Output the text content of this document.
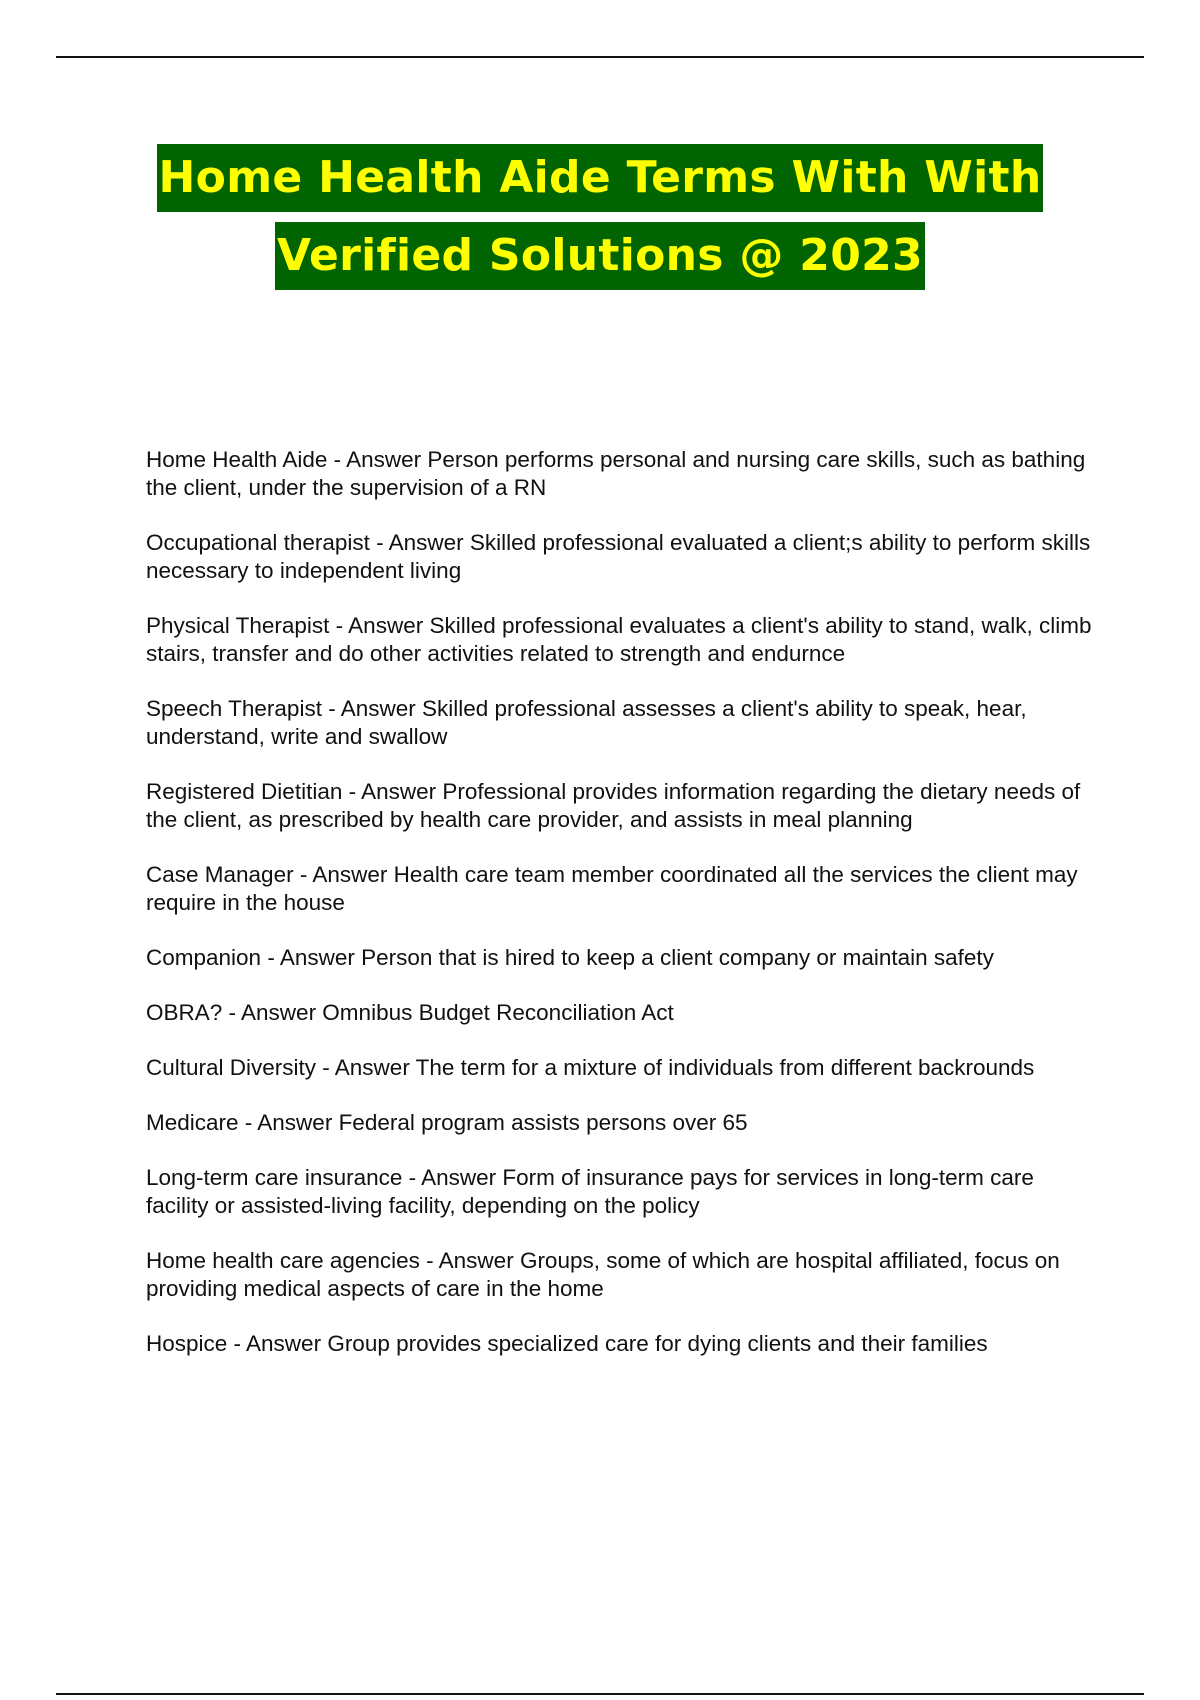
Home Health Aide Terms With With
Verified Solutions @ 2023
Home Health Aide - Answer Person performs personal and nursing care skills, such as bathing the client, under the supervision of a RN
Occupational therapist - Answer Skilled professional evaluated a client;s ability to perform skills necessary to independent living
Physical Therapist - Answer Skilled professional evaluates a client's ability to stand, walk, climb stairs, transfer and do other activities related to strength and endurnce
Speech Therapist - Answer Skilled professional assesses a client's ability to speak, hear, understand, write and swallow
Registered Dietitian - Answer Professional provides information regarding the dietary needs of the client, as prescribed by health care provider, and assists in meal planning
Case Manager - Answer Health care team member coordinated all the services the client may require in the house
Companion - Answer Person that is hired to keep a client company or maintain safety
OBRA? - Answer Omnibus Budget Reconciliation Act
Cultural Diversity - Answer The term for a mixture of individuals from different backrounds
Medicare - Answer Federal program assists persons over 65
Long-term care insurance - Answer Form of insurance pays for services in long-term care facility or assisted-living facility, depending on the policy
Home health care agencies - Answer Groups, some of which are hospital affiliated, focus on providing medical aspects of care in the home
Hospice - Answer Group provides specialized care for dying clients and their families
